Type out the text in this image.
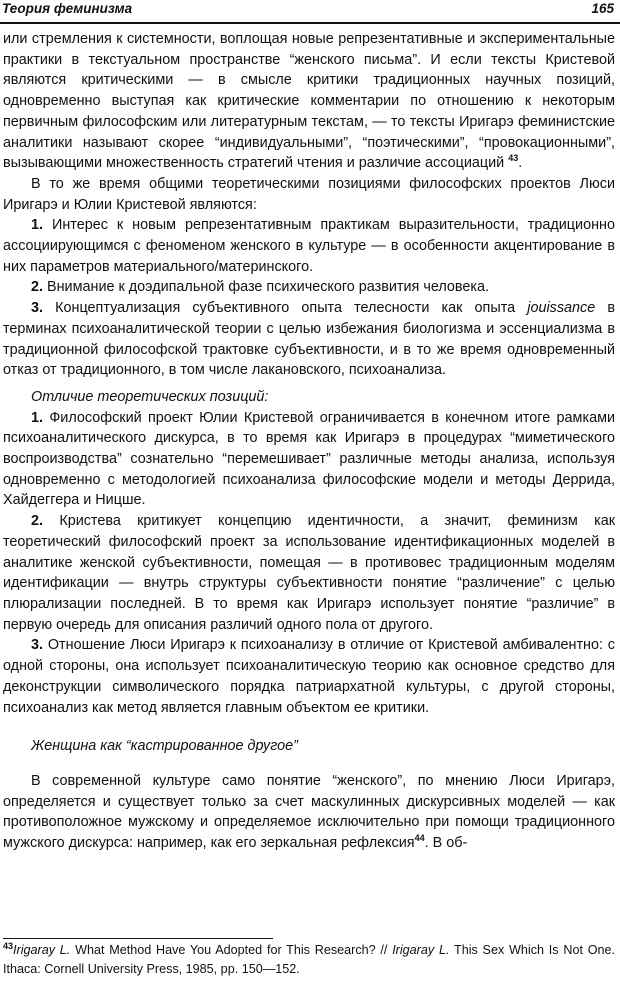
Теория феминизма	165

или стремления к системности, воплощая новые репрезентативные и экспериментальные практики в текстуальном пространстве “женского письма”. И если тексты Кристевой являются критическими — в смысле критики традиционных научных позиций, одновременно выступая как критические комментарии по отношению к некоторым первичным философским или литературным текстам, — то тексты Иригарэ феминистские аналитики называют скорее “индивидуальными”, “поэтическими”, “провокационными”, вызывающими множественность стратегий чтения и различие ассоциаций $^{43}$.

В то же время общими теоретическими позициями философских проектов Люси Иригарэ и Юлии Кристевой являются:

1. Интерес к новым репрезентативным практикам выразительности, традиционно ассоциирующимся с феноменом женского в культуре — в особенности акцентирование в них параметров материального/материнского.

2. Внимание к доэдипальной фазе психического развития человека.

3. Концептуализация субъективного опыта телесности как опыта jouissance в терминах психоаналитической теории с целью избежания биологизма и эссенциализма в традиционной философской трактовке субъективности, и в то же время одновременный отказ от традиционного, в том числе лакановского, психоанализа.

Отличие теоретических позиций:

1. Философский проект Юлии Кристевой ограничивается в конечном итоге рамками психоаналитического дискурса, в то время как Иригарэ в процедурах “миметического воспроизводства” сознательно “перемешивает” различные методы анализа, используя одновременно с методологией психоанализа философские модели и методы Деррида, Хайдеггера и Ницше.

2. Кристева критикует концепцию идентичности, а значит, феминизм как теоретический философский проект за использование идентификационных моделей в аналитике женской субъективности, помещая — в противовес традиционным моделям идентификации — внутрь структуры субъективности понятие “различение” с целью плюрализации последней. В то время как Иригарэ использует понятие “различие” в первую очередь для описания различий одного пола от другого.

3. Отношение Люси Иригарэ к психоанализу в отличие от Кристевой амбивалентно: с одной стороны, она использует психоаналитическую теорию как основное средство для деконструкции символического порядка патриархатной культуры, с другой стороны, психоанализ как метод является главным объектом ее критики.

Женщина как “кастрированное другое”

В современной культуре само понятие “женского”, по мнению Люси Иригарэ, определяется и существует только за счет маскулинных дискурсивных моделей — как противоположное мужскому и определяемое исключительно при помощи традиционного мужского дискурса: например, как его зеркальная рефлексия$^{44}$. В об-

$^{43}$Irigaray L. What Method Have You Adopted for This Research? // Irigaray L. This Sex Which Is Not One. Ithaca: Cornell University Press, 1985, pp. 150—152.
